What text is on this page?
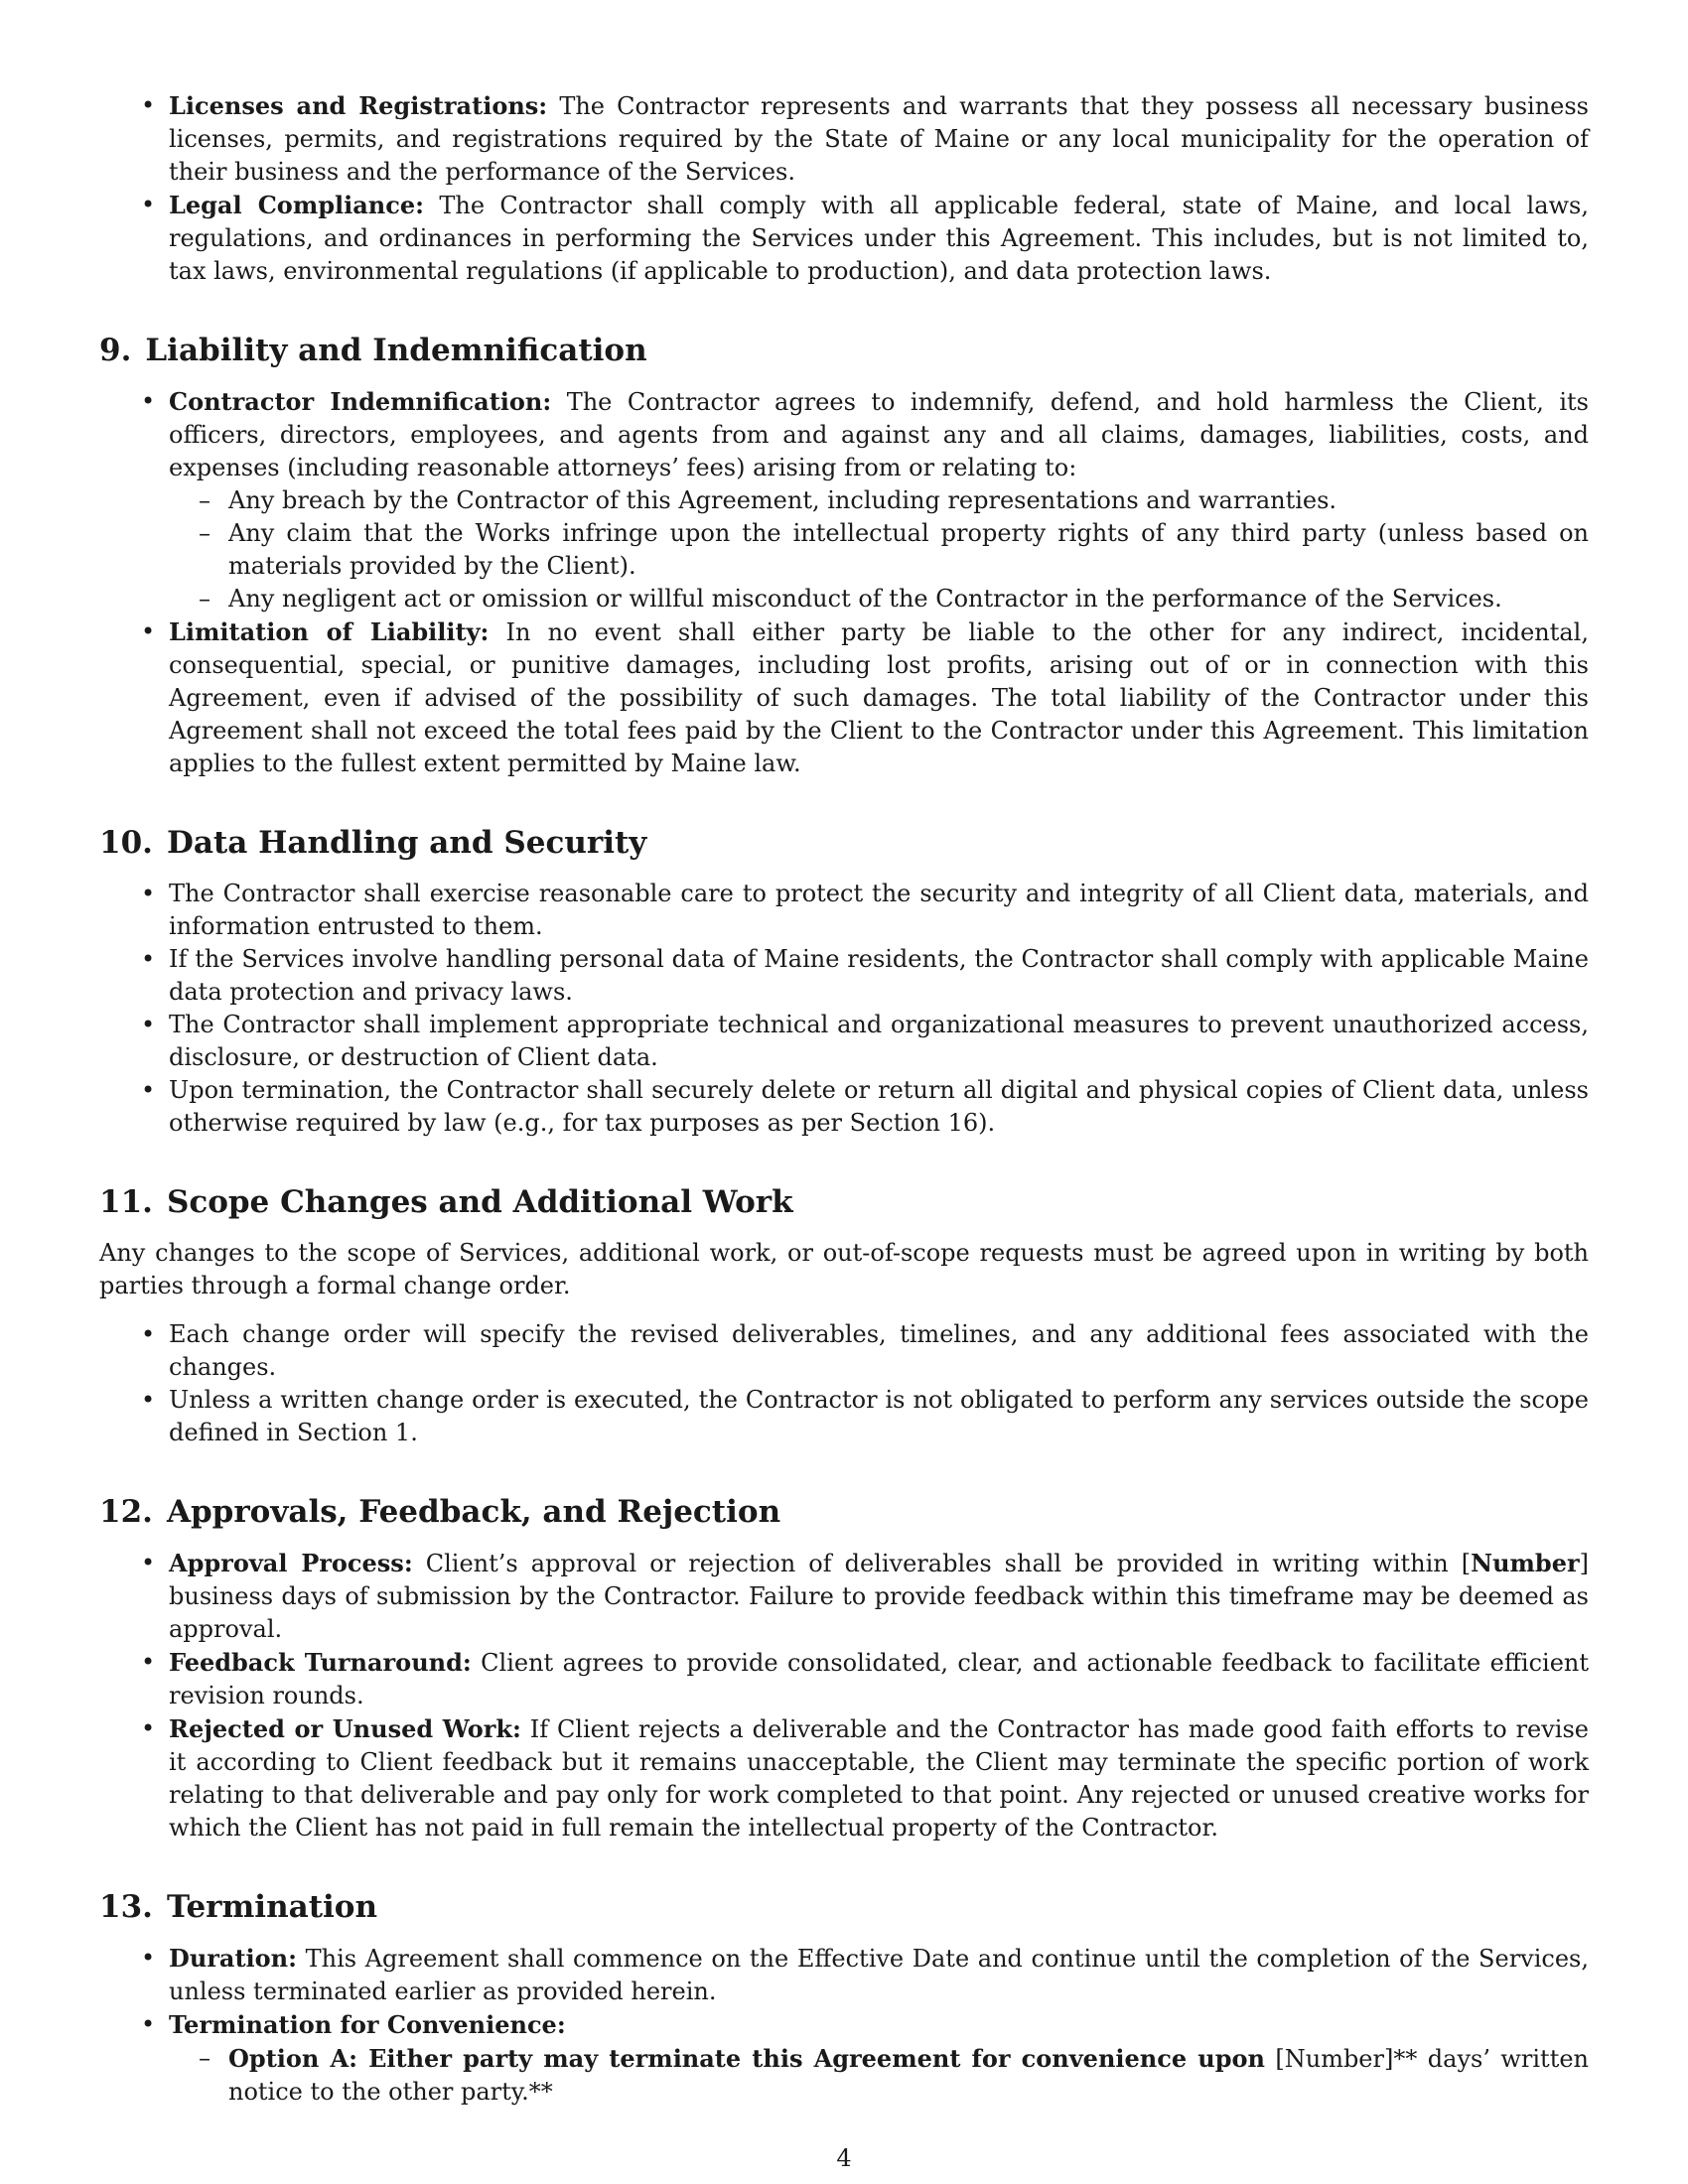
• Licenses and Registrations: The Contractor represents and warrants that they possess all necessary business licenses, permits, and registrations required by the State of Maine or any local municipality for the operation of their business and the performance of the Services.
• Legal Compliance: The Contractor shall comply with all applicable federal, state of Maine, and local laws, regulations, and ordinances in performing the Services under this Agreement. This includes, but is not limited to, tax laws, environmental regulations (if applicable to production), and data protection laws.
9. Liability and Indemnification
• Contractor Indemnification: The Contractor agrees to indemnify, defend, and hold harmless the Client, its officers, directors, employees, and agents from and against any and all claims, damages, liabilities, costs, and expenses (including reasonable attorneys’ fees) arising from or relating to:
– Any breach by the Contractor of this Agreement, including representations and warranties.
– Any claim that the Works infringe upon the intellectual property rights of any third party (unless based on materials provided by the Client).
– Any negligent act or omission or willful misconduct of the Contractor in the performance of the Services.
• Limitation of Liability: In no event shall either party be liable to the other for any indirect, incidental, consequential, special, or punitive damages, including lost profits, arising out of or in connection with this Agreement, even if advised of the possibility of such damages. The total liability of the Contractor under this Agreement shall not exceed the total fees paid by the Client to the Contractor under this Agreement. This limitation applies to the fullest extent permitted by Maine law.
10. Data Handling and Security
• The Contractor shall exercise reasonable care to protect the security and integrity of all Client data, materials, and information entrusted to them.
• If the Services involve handling personal data of Maine residents, the Contractor shall comply with applicable Maine data protection and privacy laws.
• The Contractor shall implement appropriate technical and organizational measures to prevent unauthorized access, disclosure, or destruction of Client data.
• Upon termination, the Contractor shall securely delete or return all digital and physical copies of Client data, unless otherwise required by law (e.g., for tax purposes as per Section 16).
11. Scope Changes and Additional Work

Any changes to the scope of Services, additional work, or out-of-scope requests must be agreed upon in writing by both parties through a formal change order.

• Each change order will specify the revised deliverables, timelines, and any additional fees associated with the changes.
• Unless a written change order is executed, the Contractor is not obligated to perform any services outside the scope defined in Section 1.
12. Approvals, Feedback, and Rejection
• Approval Process: Client’s approval or rejection of deliverables shall be provided in writing within [Number] business days of submission by the Contractor. Failure to provide feedback within this timeframe may be deemed as approval.
• Feedback Turnaround: Client agrees to provide consolidated, clear, and actionable feedback to facilitate efficient revision rounds.
• Rejected or Unused Work: If Client rejects a deliverable and the Contractor has made good faith efforts to revise it according to Client feedback but it remains unacceptable, the Client may terminate the specific portion of work relating to that deliverable and pay only for work completed to that point. Any rejected or unused creative works for which the Client has not paid in full remain the intellectual property of the Contractor.
13. Termination
• Duration: This Agreement shall commence on the Effective Date and continue until the completion of the Services, unless terminated earlier as provided herein.
• Termination for Convenience:
– Option A: Either party may terminate this Agreement for convenience upon [Number]** days’ written notice to the other party.**
4
